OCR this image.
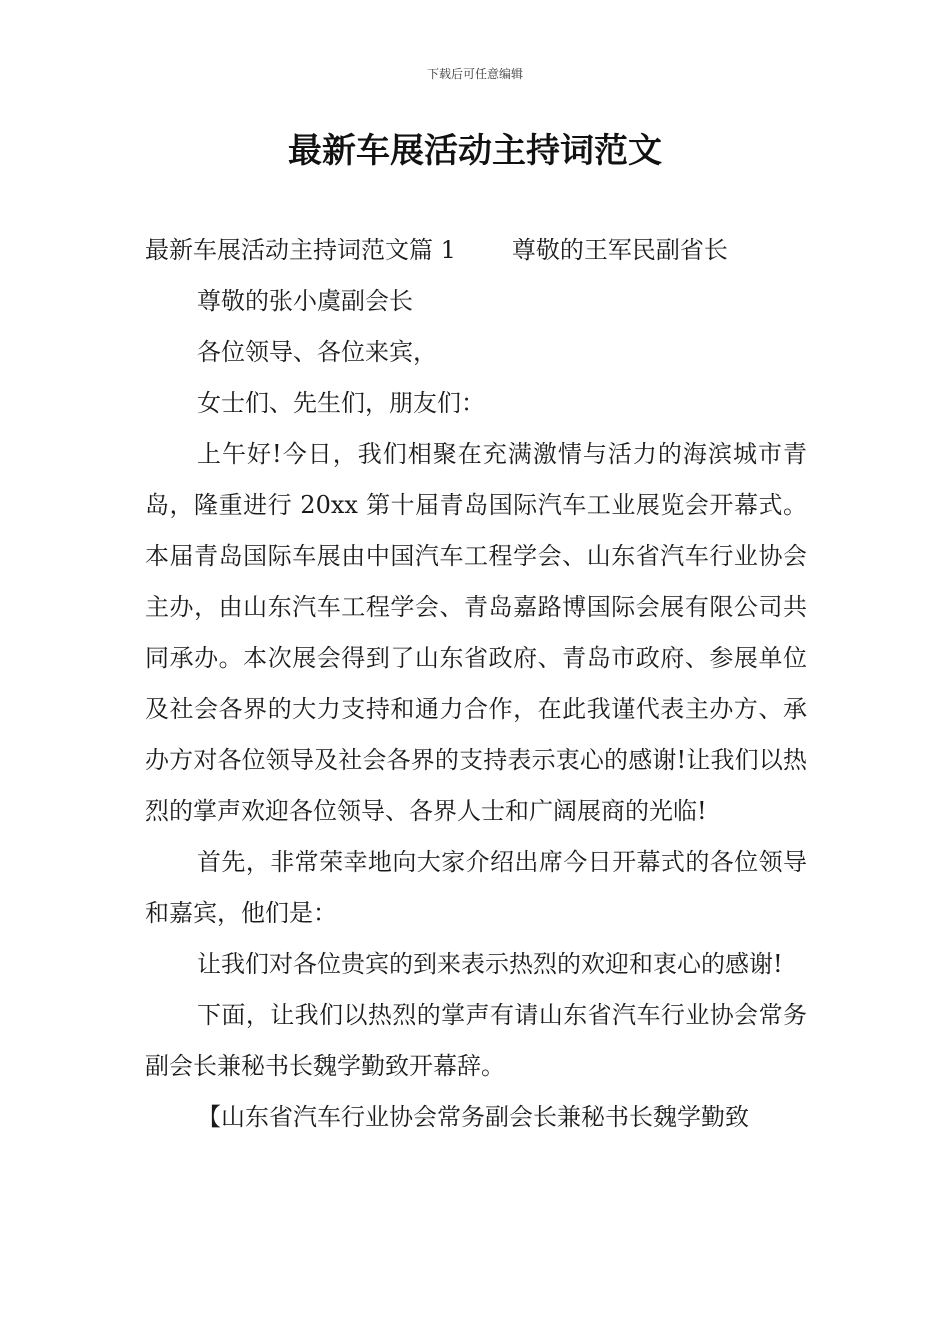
下载后可任意编辑
最新车展活动主持词范文

最新车展活动主持词范文篇 1 尊敬的王军民副省长

尊敬的张小虞副会长

各位领导、各位来宾，

女士们、先生们，朋友们：

上午好!今日，我们相聚在充满激情与活力的海滨城市青岛，隆重进行 20xx 第十届青岛国际汽车工业展览会开幕式。本届青岛国际车展由中国汽车工程学会、山东省汽车行业协会主办，由山东汽车工程学会、青岛嘉路博国际会展有限公司共同承办。本次展会得到了山东省政府、青岛市政府、参展单位及社会各界的大力支持和通力合作，在此我谨代表主办方、承办方对各位领导及社会各界的支持表示衷心的感谢!让我们以热烈的掌声欢迎各位领导、各界人士和广阔展商的光临!

首先，非常荣幸地向大家介绍出席今日开幕式的各位领导和嘉宾，他们是：

让我们对各位贵宾的到来表示热烈的欢迎和衷心的感谢!

下面，让我们以热烈的掌声有请山东省汽车行业协会常务副会长兼秘书长魏学勤致开幕辞。

【山东省汽车行业协会常务副会长兼秘书长魏学勤致
